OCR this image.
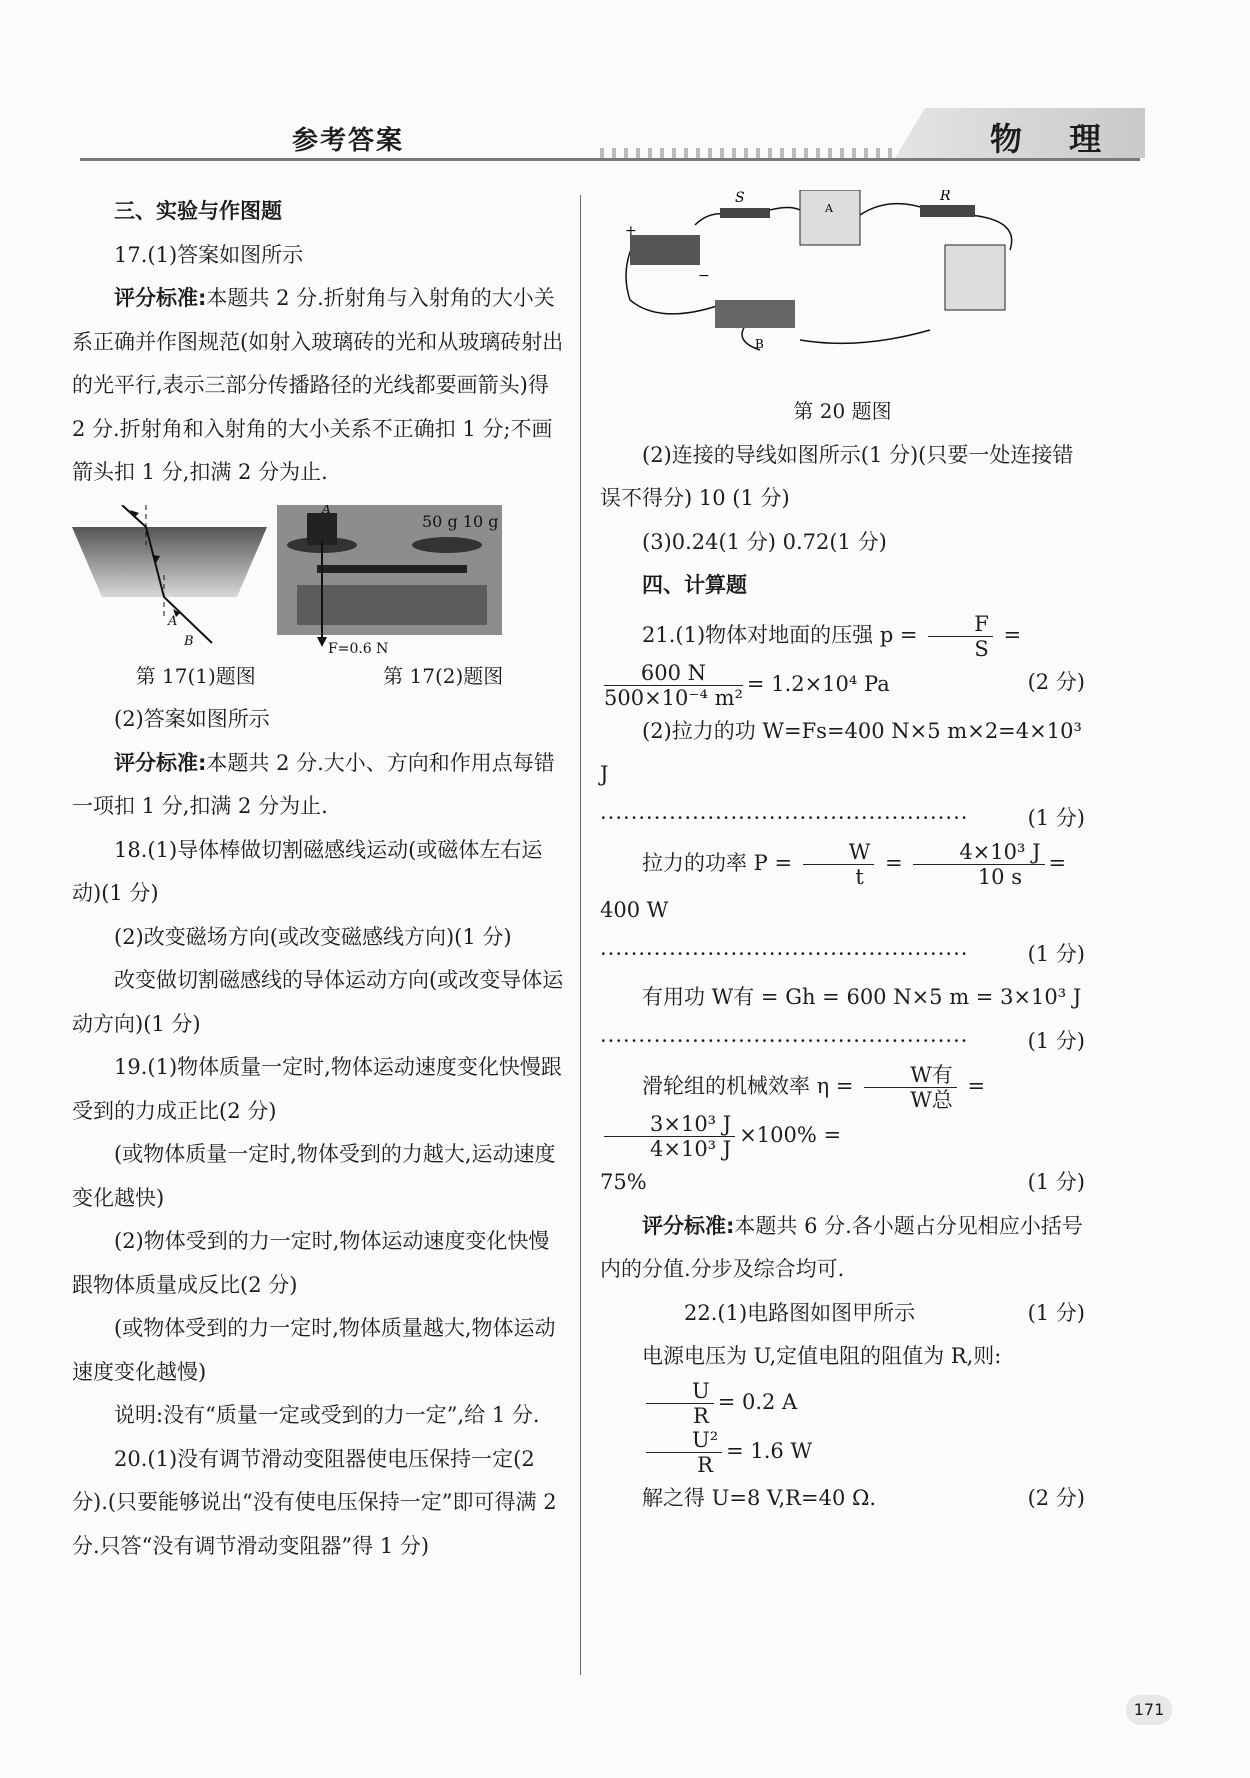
参考答案	物 理

三、实验与作图题

17.(1)答案如图所示

评分标准:本题共 2 分.折射角与入射角的大小关系正确并作图规范(如射入玻璃砖的光和从玻璃砖射出的光平行,表示三部分传播路径的光线都要画箭头)得 2 分.折射角和入射角的大小关系不正确扣 1 分;不画箭头扣 1 分,扣满 2 分为止.

A
B
A
50 g 10 g
F=0.6 N
第 17(1)题图	第 17(2)题图

(2)答案如图所示

评分标准:本题共 2 分.大小、方向和作用点每错一项扣 1 分,扣满 2 分为止.

18.(1)导体棒做切割磁感线运动(或磁体左右运动)(1 分)

(2)改变磁场方向(或改变磁感线方向)(1 分)

改变做切割磁感线的导体运动方向(或改变导体运动方向)(1 分)

19.(1)物体质量一定时,物体运动速度变化快慢跟受到的力成正比(2 分)

(或物体质量一定时,物体受到的力越大,运动速度变化越快)

(2)物体受到的力一定时,物体运动速度变化快慢跟物体质量成反比(2 分)

(或物体受到的力一定时,物体质量越大,物体运动速度变化越慢)

说明:没有“质量一定或受到的力一定”,给 1 分.

20.(1)没有调节滑动变阻器使电压保持一定(2 分).(只要能够说出“没有使电压保持一定”即可得满 2 分.只答“没有调节滑动变阻器”得 1 分)

+
−
S
A
R
B

第 20 题图

(2)连接的导线如图所示(1 分)(只要一处连接错误不得分) 10 (1 分)

(3)0.24(1 分) 0.72(1 分)

四、计算题

21.(1)物体对地面的压强 $p = \frac{F}{S}$ =

$\frac{600 N}{\text{500×10⁻⁴ m²}} = 1.2\times 10^4$ Pa	(2 分)

(2)拉力的功 W=Fs=400 N×5 m×2=4×10³ J

················································	(1 分)

拉力的功率 $P = \frac{W}{t} = \frac{\text{4×10³ J}}{10 s} = 400$ W

················································	(1 分)

有用功 W有 = Gh = 600 N×5 m = 3×10³ J

················································	(1 分)

滑轮组的机械效率 $\eta = \frac{\text{W有}}{\text{W总}}$ =
$\frac{\text{3×10³ J}}{\text{4×10³ J}} \times 100\%$ =

75%	(1 分)

评分标准:本题共 6 分.各小题占分见相应小括号内的分值.分步及综合均可.

22.(1)电路图如图甲所示	(1 分)

电源电压为 U,定值电阻的阻值为 R,则:

$\frac{U}{R} = 0.2$ A

$\frac{\text{U²}}{R} = 1.6$ W

解之得 U=8 V,R=40 Ω.	(2 分)
171
